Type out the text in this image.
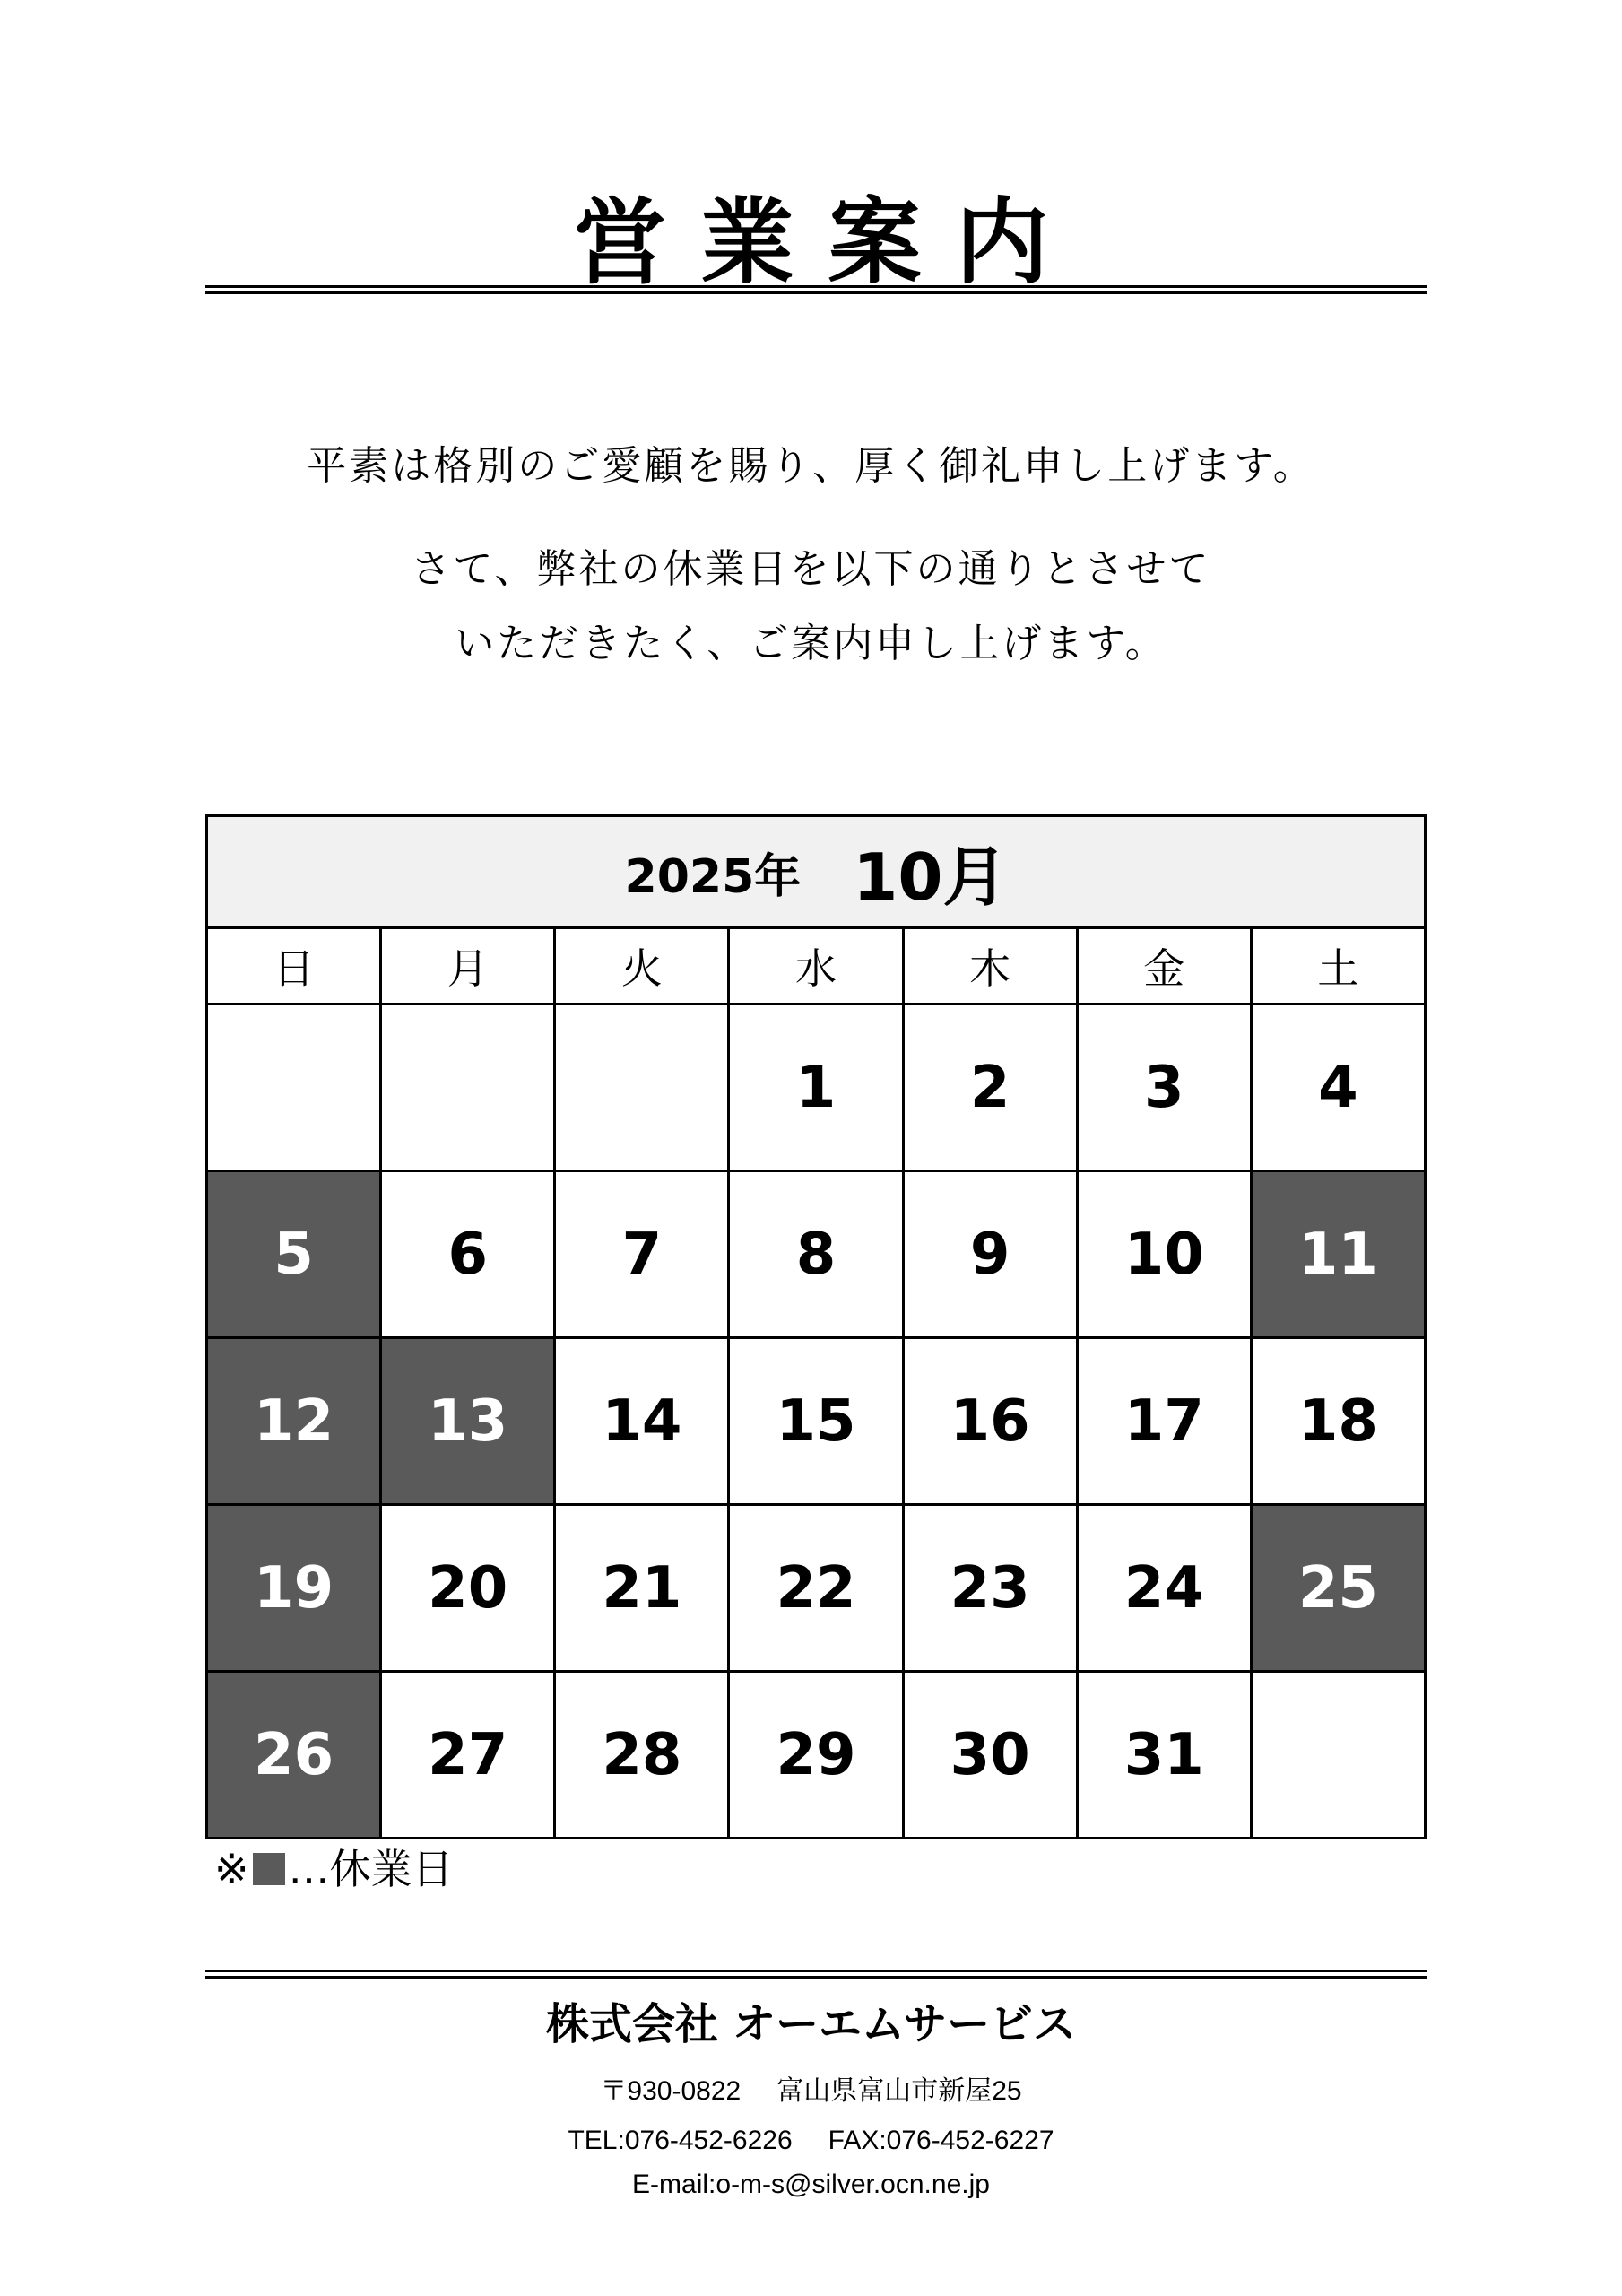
営業案内
平素は格別のご愛顧を賜り、厚く御礼申し上げます。
さて、弊社の休業日を以下の通りとさせて
いただきたく、ご案内申し上げます。
2025年 10月						
日	月	火	水	木	金	土
			1	2	3	4
5	6	7	8	9	10	11
12	13	14	15	16	17	18
19	20	21	22	23	24	25
26	27	28	29	30	31	
※ …休業日
株式会社 オーエムサービス
〒930-0822 富山県富山市新屋25
TEL:076-452-6226 FAX:076-452-6227
E-mail:o-m-s@silver.ocn.ne.jp
